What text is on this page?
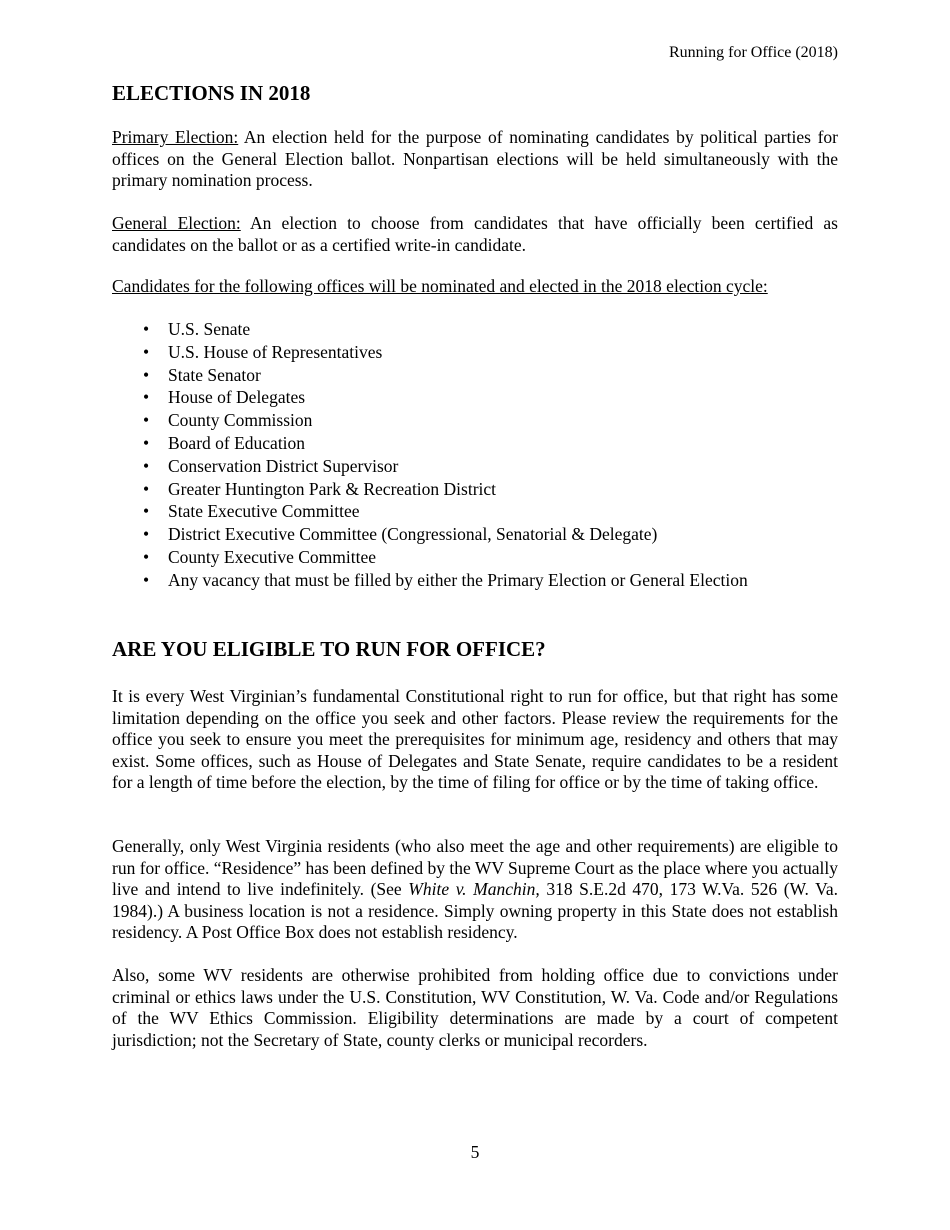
Running for Office (2018)
ELECTIONS IN 2018

Primary Election: An election held for the purpose of nominating candidates by political parties for offices on the General Election ballot. Nonpartisan elections will be held simultaneously with the primary nomination process.

General Election: An election to choose from candidates that have officially been certified as candidates on the ballot or as a certified write-in candidate.

Candidates for the following offices will be nominated and elected in the 2018 election cycle:

• U.S. Senate
• U.S. House of Representatives
• State Senator
• House of Delegates
• County Commission
• Board of Education
• Conservation District Supervisor
• Greater Huntington Park & Recreation District
• State Executive Committee
• District Executive Committee (Congressional, Senatorial & Delegate)
• County Executive Committee
• Any vacancy that must be filled by either the Primary Election or General Election
ARE YOU ELIGIBLE TO RUN FOR OFFICE?

It is every West Virginian’s fundamental Constitutional right to run for office, but that right has some limitation depending on the office you seek and other factors. Please review the requirements for the office you seek to ensure you meet the prerequisites for minimum age, residency and others that may exist. Some offices, such as House of Delegates and State Senate, require candidates to be a resident for a length of time before the election, by the time of filing for office or by the time of taking office.

Generally, only West Virginia residents (who also meet the age and other requirements) are eligible to run for office. “Residence” has been defined by the WV Supreme Court as the place where you actually live and intend to live indefinitely. (See White v. Manchin, 318 S.E.2d 470, 173 W.Va. 526 (W. Va. 1984).) A business location is not a residence. Simply owning property in this State does not establish residency. A Post Office Box does not establish residency.

Also, some WV residents are otherwise prohibited from holding office due to convictions under criminal or ethics laws under the U.S. Constitution, WV Constitution, W. Va. Code and/or Regulations of the WV Ethics Commission. Eligibility determinations are made by a court of competent jurisdiction; not the Secretary of State, county clerks or municipal recorders.

5
